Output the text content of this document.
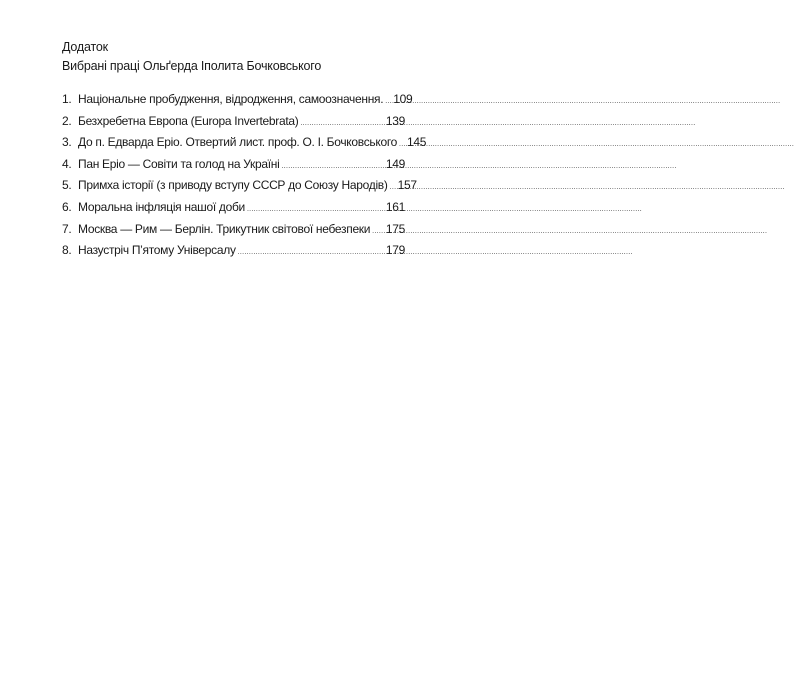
Додаток
Вибрані праці Ольґерда Іполита Бочковського
1. Національне пробудження, відродження, самоозначення. ..... 109
2. Безхребетна Европа (Europa Invertebrata) .....	139
3. До п. Едварда Еріо. Отвертий лист. проф. О. І. Бочковського ..... 145
4. Пан Еріо — Совіти та голод на Україні .....	149
5. Примха історії (з приводу вступу СССР до Союзу Народів) ..... 157
6. Моральна інфляція нашої доби .....	161
7. Москва — Рим — Берлін. Трикутник світової небезпеки ..... 175
8. Назустріч П’ятому Універсалу .....	179
